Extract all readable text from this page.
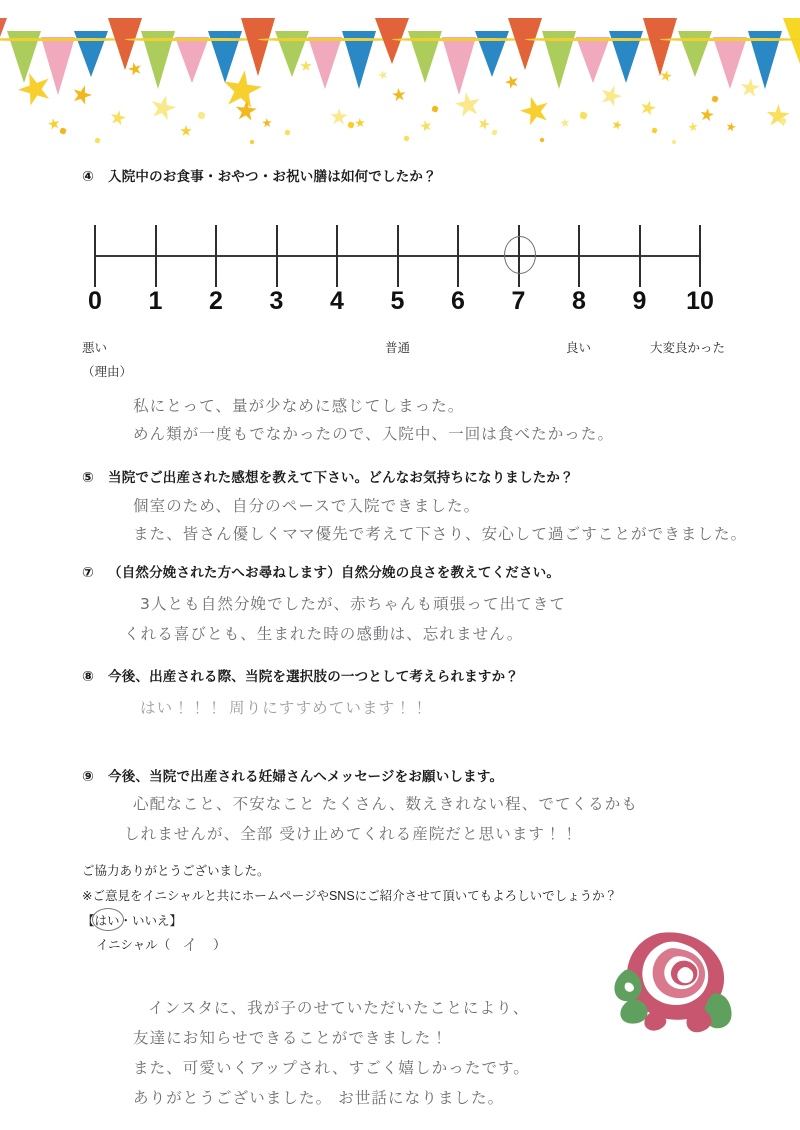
④ 入院中のお食事・おやつ・お祝い膳は如何でしたか？
0 1 2 3 4 5 6 7 8 9 10
悪い	普通	良い	大変良かった
（理由）
私にとって、量が少なめに感じてしまった。
めん類が一度もでなかったので、入院中、一回は食べたかった。
⑤ 当院でご出産された感想を教えて下さい。どんなお気持ちになりましたか？
個室のため、自分のペースで入院できました。
また、皆さん優しくママ優先で考えて下さり、安心して過ごすことができました。
⑦ （自然分娩された方へお尋ねします）自然分娩の良さを教えてください。
3人とも自然分娩でしたが、赤ちゃんも頑張って出てきて
くれる喜びとも、生まれた時の感動は、忘れません。
⑧ 今後、出産される際、当院を選択肢の一つとして考えられますか？
はい！！！ 周りにすすめています！！
⑨ 今後、当院で出産される妊婦さんへメッセージをお願いします。
心配なこと、不安なこと たくさん、数えきれない程、でてくるかも
しれませんが、全部 受け止めてくれる産院だと思います！！
ご協力ありがとうございました。
※ご意見をイニシャルと共にホームページやSNSにご紹介させて頂いてもよろしいでしょうか？
【はい・いいえ】
イニシャル（	）
イ
インスタに、我が子のせていただいたことにより、
友達にお知らせできることができました！
また、可愛いくアップされ、すごく嬉しかったです。
ありがとうございました。 お世話になりました。
